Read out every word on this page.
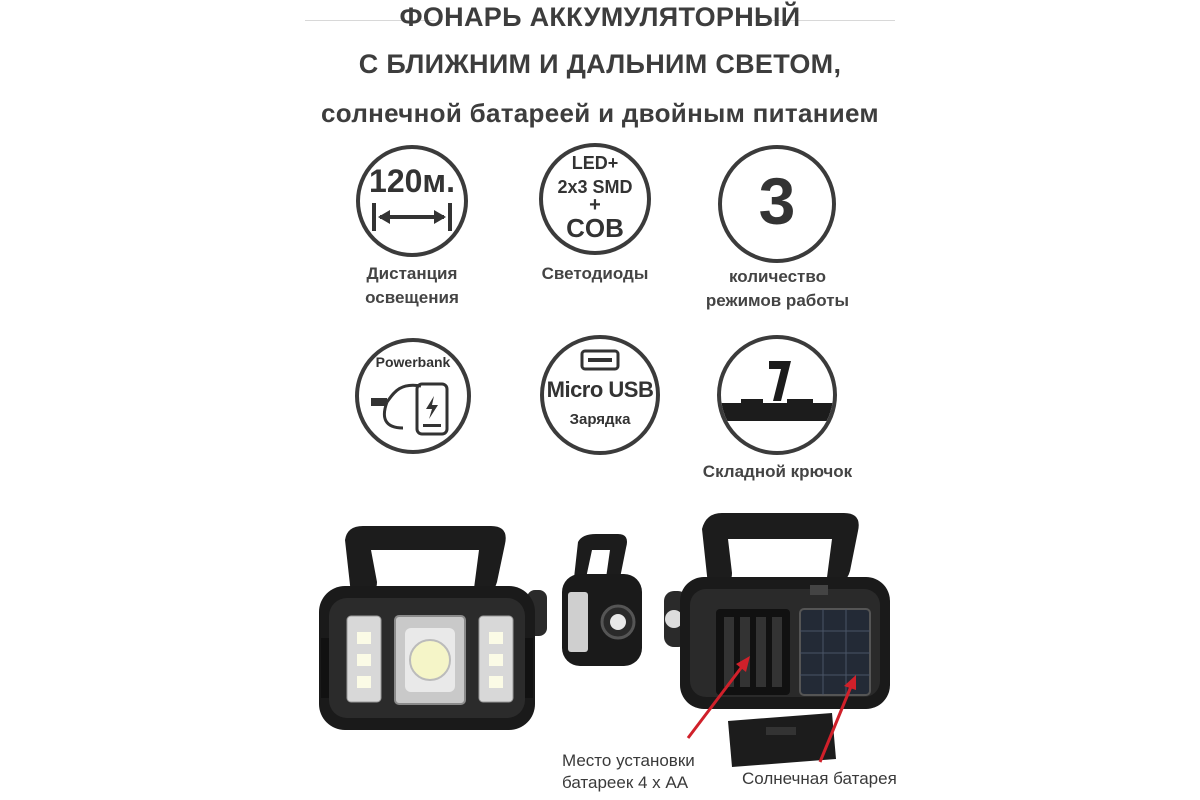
ФОНАРЬ АККУМУЛЯТОРНЫЙ
С БЛИЖНИМ И ДАЛЬНИМ СВЕТОМ,
солнечной батареей и двойным питанием
120м.
Дистанция
освещения
LED+
2x3 SMD
+
COB
Светодиоды
3
количество
режимов работы
Powerbank
Micro USB
Зарядка
Складной крючок
Место установки
батареек 4 х АА	Солнечная батарея
